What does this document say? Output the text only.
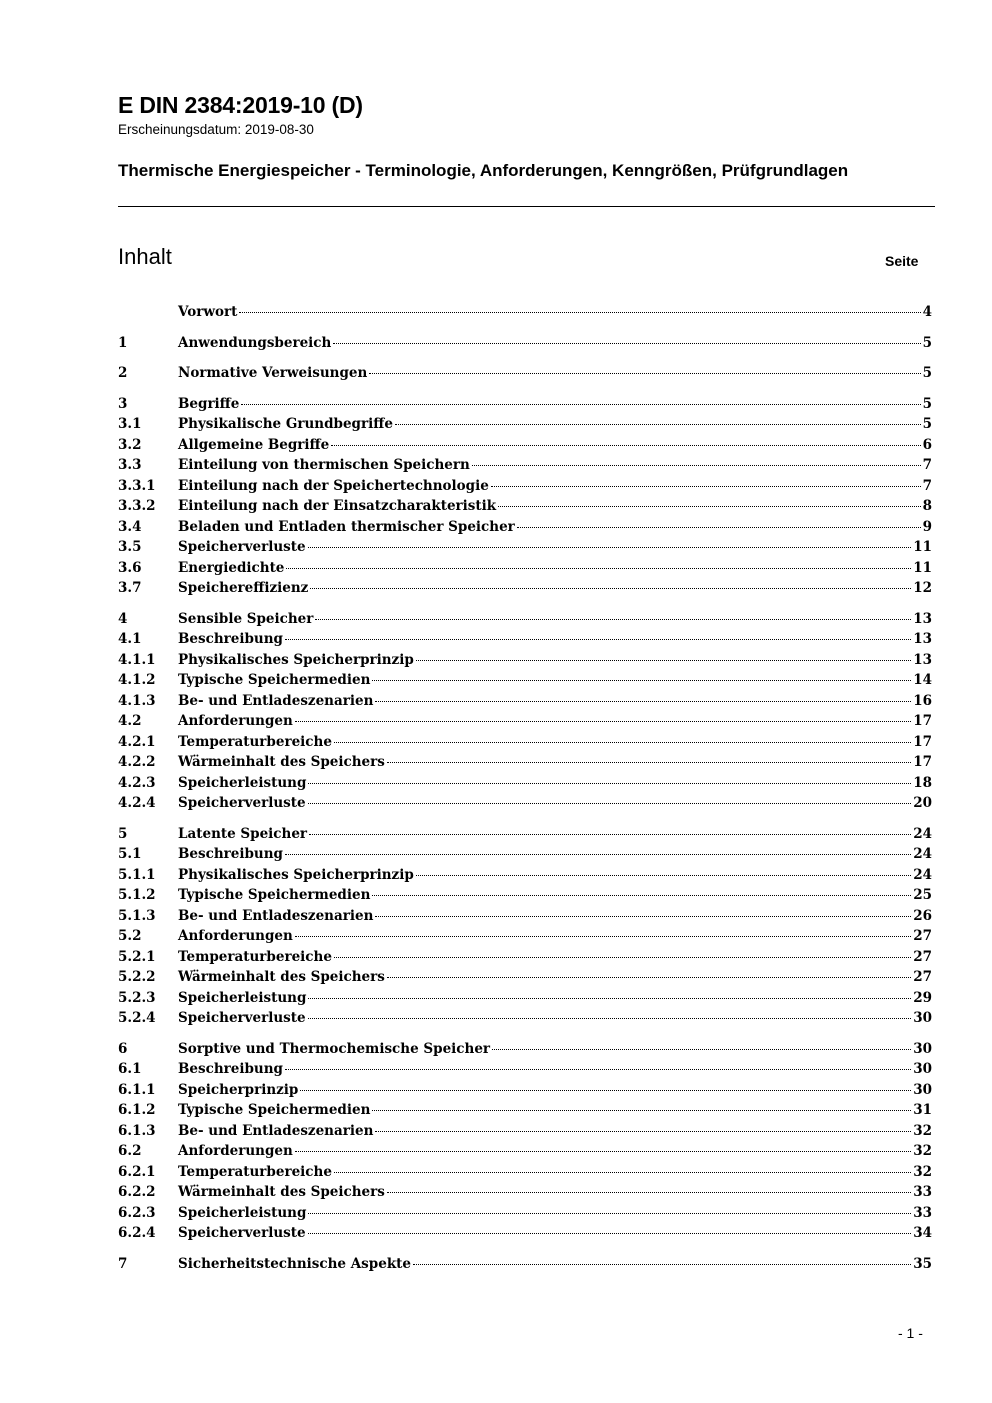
E DIN 2384:2019-10 (D)
Erscheinungsdatum: 2019-08-30
Thermische Energiespeicher - Terminologie, Anforderungen, Kenngrößen, Prüfgrundlagen
Inhalt	Seite
Vorwort	4
1	Anwendungsbereich	5
2	Normative Verweisungen	5
3	Begriffe	5
3.1	Physikalische Grundbegriffe	5
3.2	Allgemeine Begriffe	6
3.3	Einteilung von thermischen Speichern	7
3.3.1	Einteilung nach der Speichertechnologie	7
3.3.2	Einteilung nach der Einsatzcharakteristik	8
3.4	Beladen und Entladen thermischer Speicher	9
3.5	Speicherverluste	11
3.6	Energiedichte	11
3.7	Speichereffizienz	12
4	Sensible Speicher	13
4.1	Beschreibung	13
4.1.1	Physikalisches Speicherprinzip	13
4.1.2	Typische Speichermedien	14
4.1.3	Be- und Entladeszenarien	16
4.2	Anforderungen	17
4.2.1	Temperaturbereiche	17
4.2.2	Wärmeinhalt des Speichers	17
4.2.3	Speicherleistung	18
4.2.4	Speicherverluste	20
5	Latente Speicher	24
5.1	Beschreibung	24
5.1.1	Physikalisches Speicherprinzip	24
5.1.2	Typische Speichermedien	25
5.1.3	Be- und Entladeszenarien	26
5.2	Anforderungen	27
5.2.1	Temperaturbereiche	27
5.2.2	Wärmeinhalt des Speichers	27
5.2.3	Speicherleistung	29
5.2.4	Speicherverluste	30
6	Sorptive und Thermochemische Speicher	30
6.1	Beschreibung	30
6.1.1	Speicherprinzip	30
6.1.2	Typische Speichermedien	31
6.1.3	Be- und Entladeszenarien	32
6.2	Anforderungen	32
6.2.1	Temperaturbereiche	32
6.2.2	Wärmeinhalt des Speichers	33
6.2.3	Speicherleistung	33
6.2.4	Speicherverluste	34
7	Sicherheitstechnische Aspekte	35
- 1 -
